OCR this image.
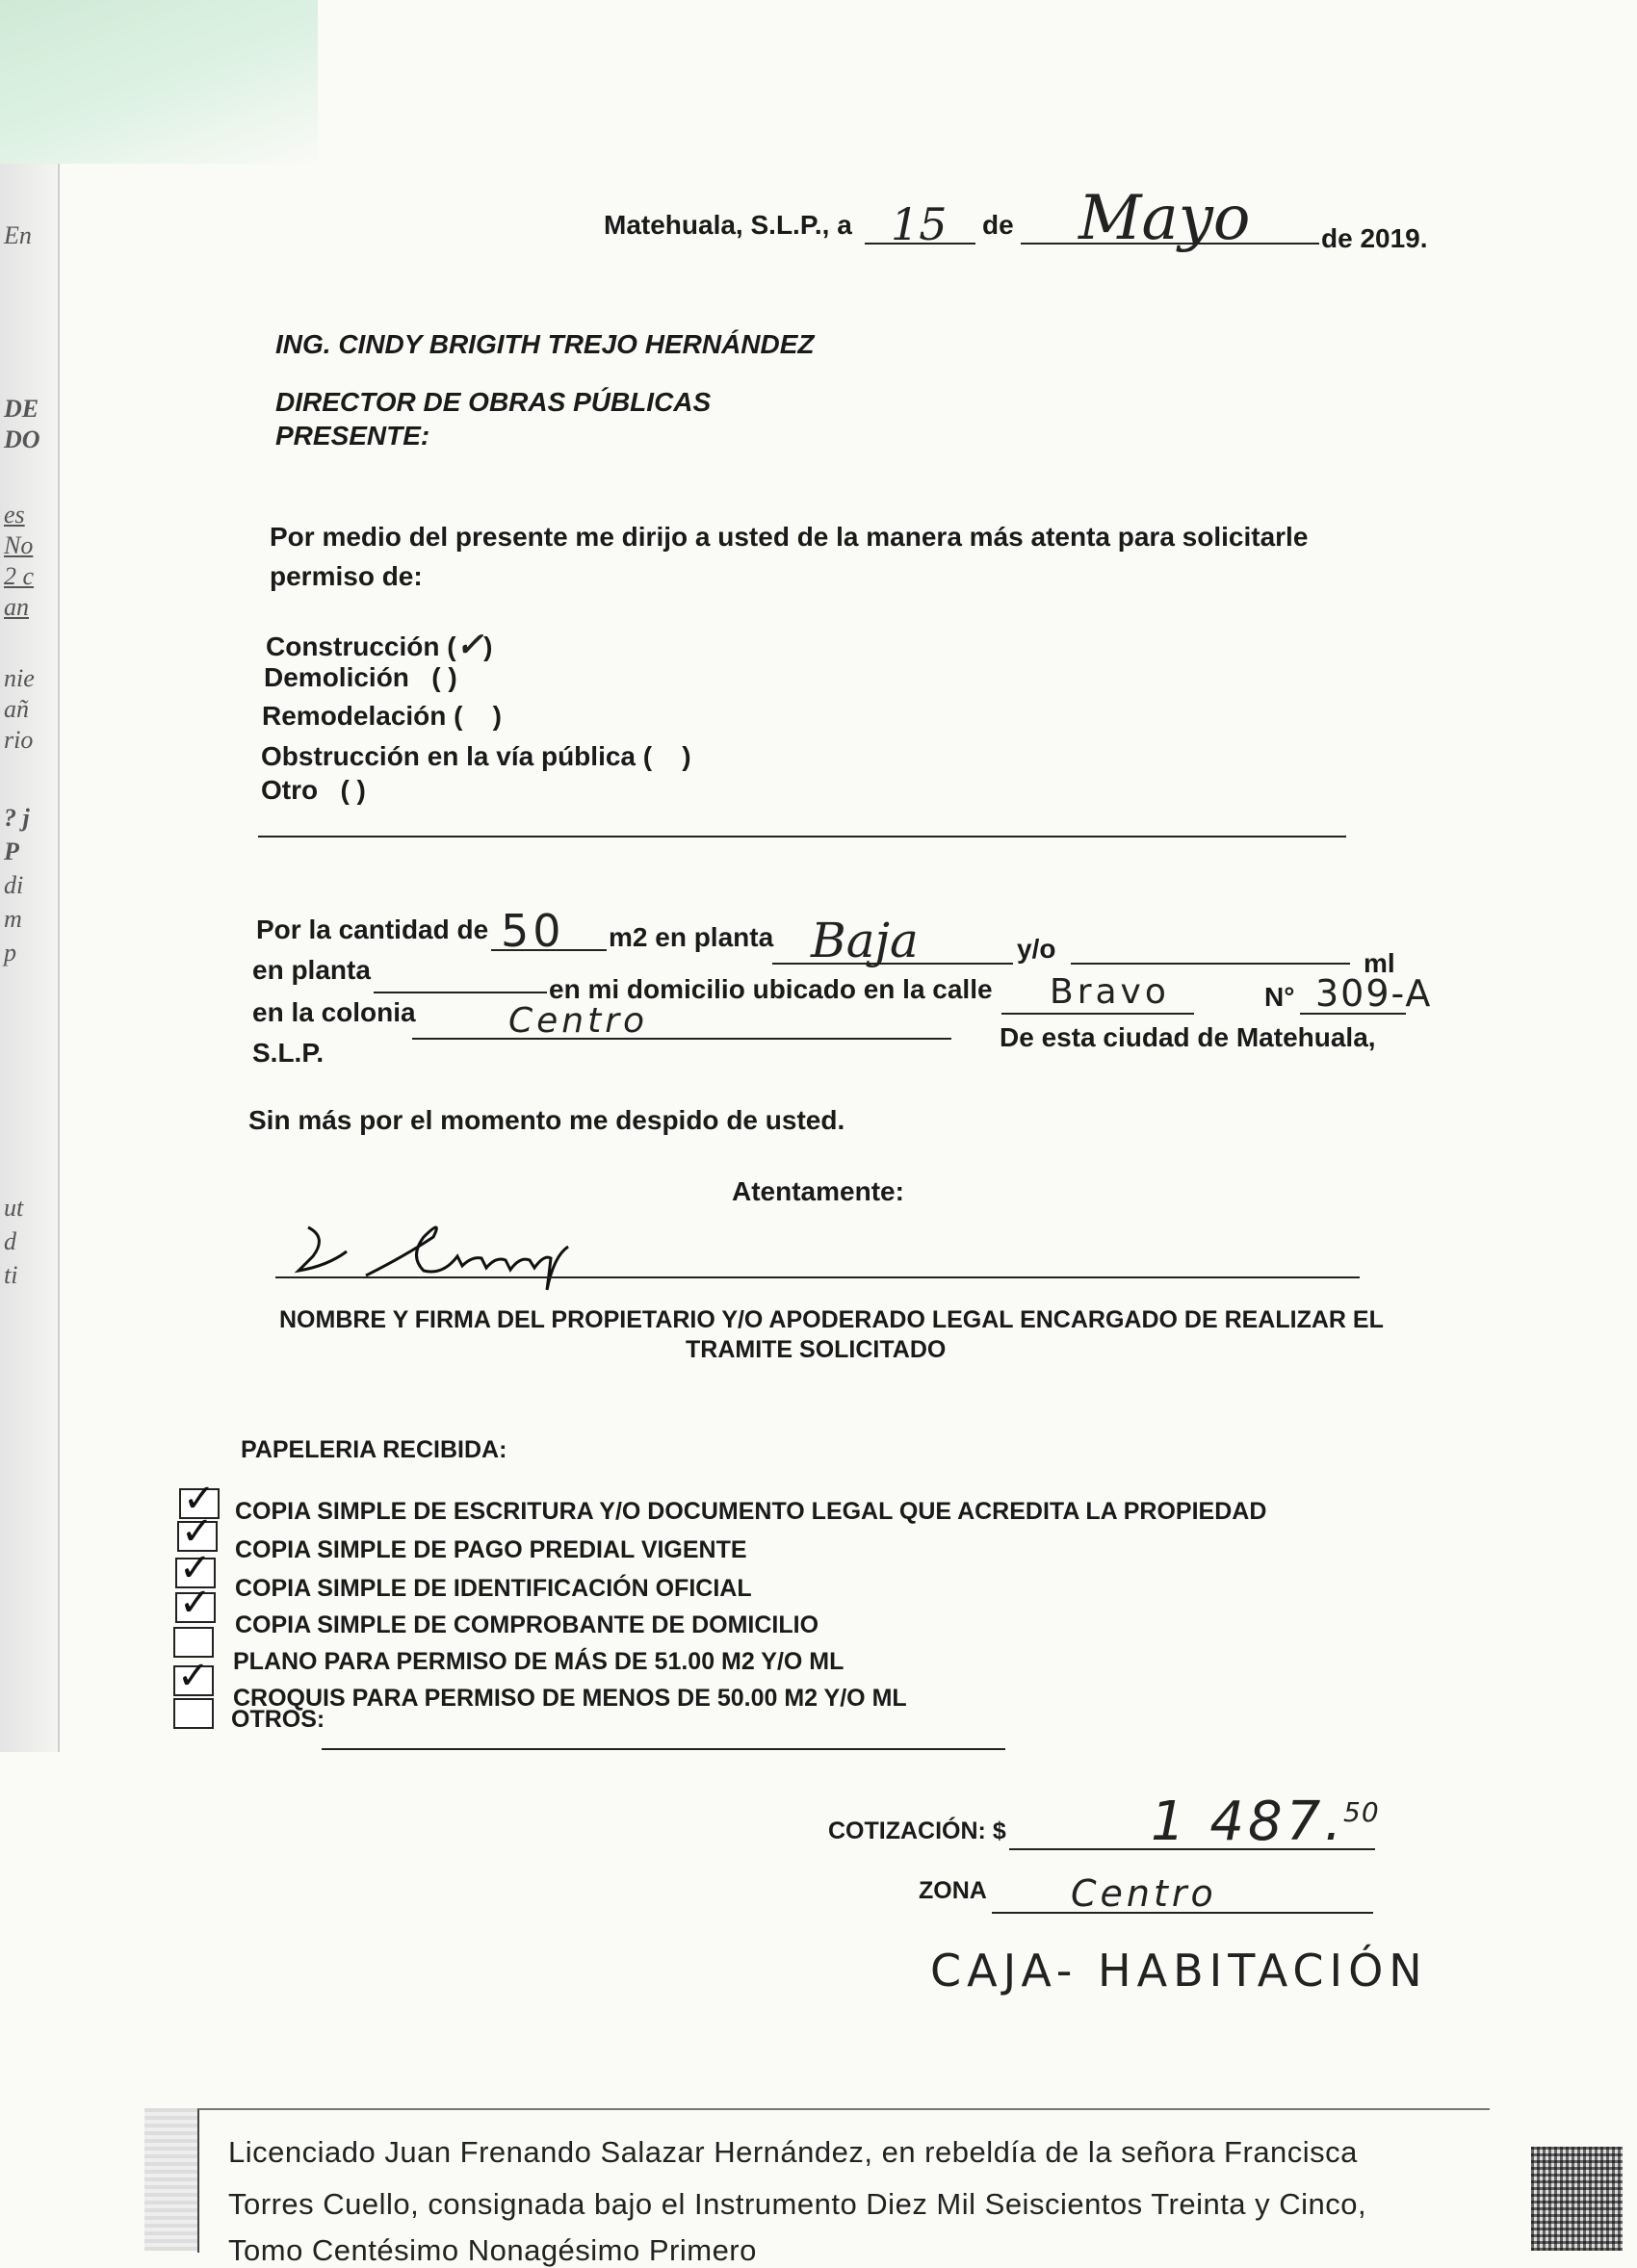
En
DE
DO
es
No
2 c
an
nie
añ
rio
? j
P
di
m
p
ut
d
ti
Matehuala, S.L.P., a 15 de Mayo	de 2019.
ING. CINDY BRIGITH TREJO HERNÁNDEZ
DIRECTOR DE OBRAS PÚBLICAS
PRESENTE:
Por medio del presente me dirijo a usted de la manera más atenta para solicitarle
permiso de:
Construcción (✓)
Demolición ( )
Remodelación ( )
Obstrucción en la vía pública ( )
Otro ( )
Por la cantidad de 50 m2 en planta Baja	y/o	ml
en planta
en mi domicilio ubicado en la calle Bravo	N° 309-A
en la colonia	Centro	De esta ciudad de Matehuala,
S.L.P.
Sin más por el momento me despido de usted.
Atentamente:
NOMBRE Y FIRMA DEL PROPIETARIO Y/O APODERADO LEGAL ENCARGADO DE REALIZAR EL
TRAMITE SOLICITADO
PAPELERIA RECIBIDA:
✓ COPIA SIMPLE DE ESCRITURA Y/O DOCUMENTO LEGAL QUE ACREDITA LA PROPIEDAD
✓ COPIA SIMPLE DE PAGO PREDIAL VIGENTE
✓ COPIA SIMPLE DE IDENTIFICACIÓN OFICIAL
✓ COPIA SIMPLE DE COMPROBANTE DE DOMICILIO
PLANO PARA PERMISO DE MÁS DE 51.00 M2 Y/O ML
✓ CROQUIS PARA PERMISO DE MENOS DE 50.00 M2 Y/O ML
OTROS:
COTIZACIÓN: $	1 487.
50
ZONA Centro
CAJA- HABITACIÓN
Licenciado Juan Frenando Salazar Hernández, en rebeldía de la señora Francisca
Torres Cuello, consignada bajo el Instrumento Diez Mil Seiscientos Treinta y Cinco,
Tomo Centésimo Nonagésimo Primero
